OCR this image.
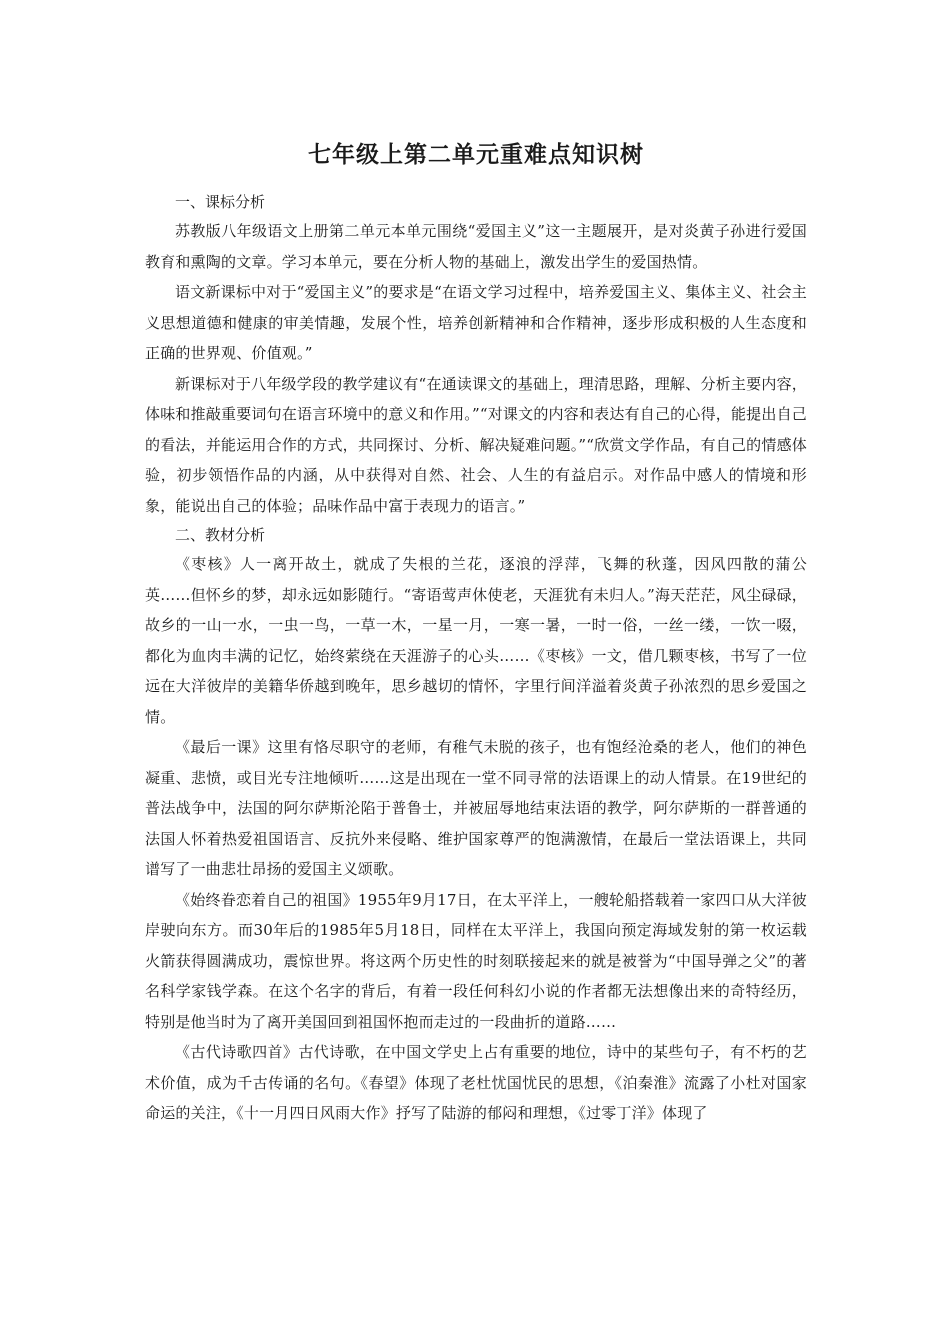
七年级上第二单元重难点知识树

一、课标分析

苏教版八年级语文上册第二单元本单元围绕“爱国主义”这一主题展开，是对炎黄子孙进行爱国教育和熏陶的文章。学习本单元，要在分析人物的基础上，激发出学生的爱国热情。

语文新课标中对于“爱国主义”的要求是“在语文学习过程中，培养爱国主义、集体主义、社会主义思想道德和健康的审美情趣，发展个性，培养创新精神和合作精神，逐步形成积极的人生态度和正确的世界观、价值观。”

新课标对于八年级学段的教学建议有“在通读课文的基础上，理清思路，理解、分析主要内容，体味和推敲重要词句在语言环境中的意义和作用。”“对课文的内容和表达有自己的心得，能提出自己的看法，并能运用合作的方式，共同探讨、分析、解决疑难问题。”“欣赏文学作品，有自己的情感体验，初步领悟作品的内涵，从中获得对自然、社会、人生的有益启示。对作品中感人的情境和形象，能说出自己的体验；品味作品中富于表现力的语言。”

二、教材分析

《枣核》人一离开故土，就成了失根的兰花，逐浪的浮萍，飞舞的秋蓬，因风四散的蒲公英……但怀乡的梦，却永远如影随行。“寄语莺声休使老，天涯犹有未归人。”海天茫茫，风尘碌碌，故乡的一山一水，一虫一鸟，一草一木，一星一月，一寒一暑，一时一俗，一丝一缕，一饮一啜，都化为血肉丰满的记忆，始终萦绕在天涯游子的心头……《枣核》一文，借几颗枣核，书写了一位远在大洋彼岸的美籍华侨越到晚年，思乡越切的情怀，字里行间洋溢着炎黄子孙浓烈的思乡爱国之情。

《最后一课》这里有恪尽职守的老师，有稚气未脱的孩子，也有饱经沧桑的老人，他们的神色凝重、悲愤，或目光专注地倾听……这是出现在一堂不同寻常的法语课上的动人情景。在19世纪的普法战争中，法国的阿尔萨斯沦陷于普鲁士，并被屈辱地结束法语的教学，阿尔萨斯的一群普通的法国人怀着热爱祖国语言、反抗外来侵略、维护国家尊严的饱满激情，在最后一堂法语课上，共同谱写了一曲悲壮昂扬的爱国主义颂歌。

《始终眷恋着自己的祖国》1955年9月17日，在太平洋上，一艘轮船搭载着一家四口从大洋彼岸驶向东方。而30年后的1985年5月18日，同样在太平洋上，我国向预定海域发射的第一枚运载火箭获得圆满成功，震惊世界。将这两个历史性的时刻联接起来的就是被誉为“中国导弹之父”的著名科学家钱学森。在这个名字的背后，有着一段任何科幻小说的作者都无法想像出来的奇特经历，特别是他当时为了离开美国回到祖国怀抱而走过的一段曲折的道路……

《古代诗歌四首》古代诗歌，在中国文学史上占有重要的地位，诗中的某些句子，有不朽的艺术价值，成为千古传诵的名句。《春望》体现了老杜忧国忧民的思想，《泊秦淮》流露了小杜对国家命运的关注，《十一月四日风雨大作》抒写了陆游的郁闷和理想，《过零丁洋》体现了
